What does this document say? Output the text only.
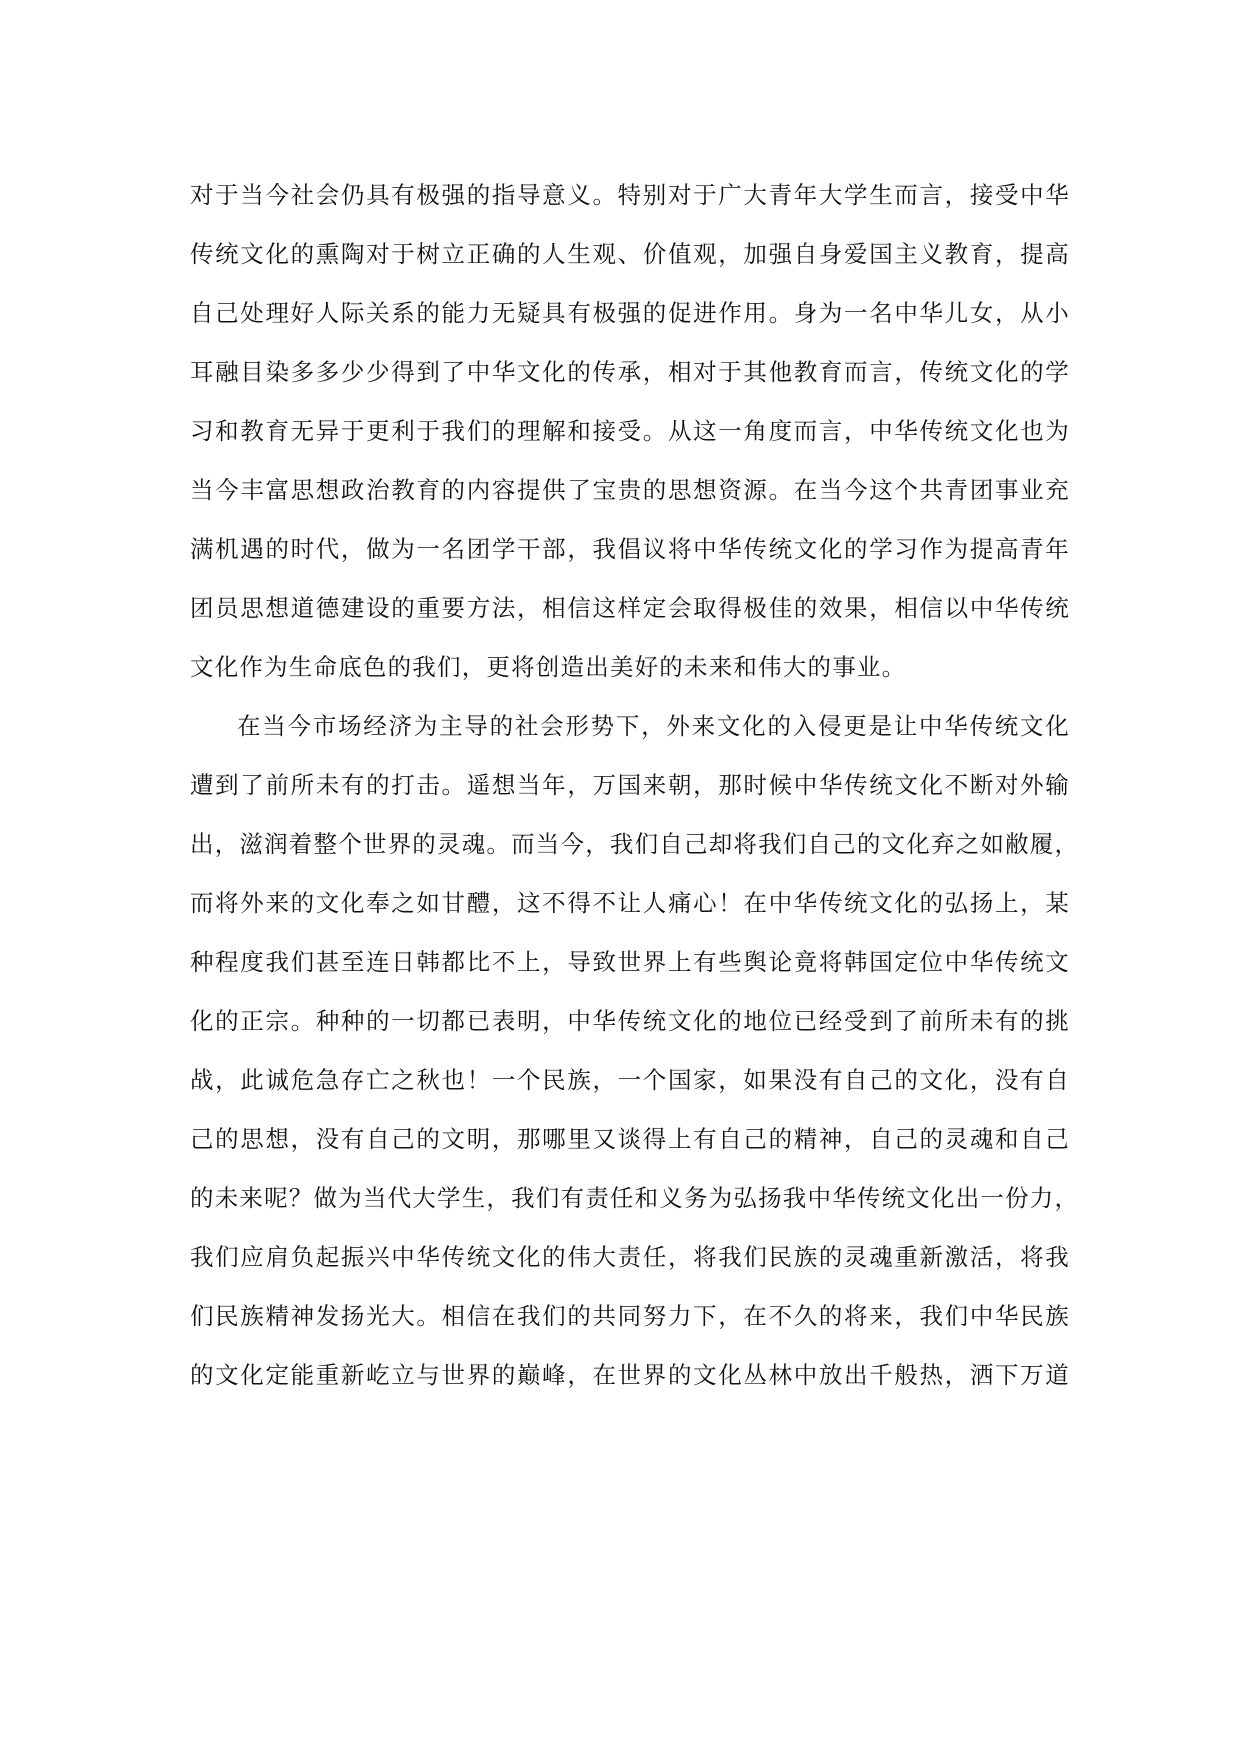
对于当今社会仍具有极强的指导意义。特别对于广大青年大学生而言，接受中华
传统文化的熏陶对于树立正确的人生观、价值观，加强自身爱国主义教育，提高
自己处理好人际关系的能力无疑具有极强的促进作用。身为一名中华儿女，从小
耳融目染多多少少得到了中华文化的传承，相对于其他教育而言，传统文化的学
习和教育无异于更利于我们的理解和接受。从这一角度而言，中华传统文化也为
当今丰富思想政治教育的内容提供了宝贵的思想资源。在当今这个共青团事业充
满机遇的时代，做为一名团学干部，我倡议将中华传统文化的学习作为提高青年
团员思想道德建设的重要方法，相信这样定会取得极佳的效果，相信以中华传统
文化作为生命底色的我们，更将创造出美好的未来和伟大的事业。
在当今市场经济为主导的社会形势下，外来文化的入侵更是让中华传统文化
遭到了前所未有的打击。遥想当年，万国来朝，那时候中华传统文化不断对外输
出，滋润着整个世界的灵魂。而当今，我们自己却将我们自己的文化弃之如敝履，
而将外来的文化奉之如甘醴，这不得不让人痛心！在中华传统文化的弘扬上，某
种程度我们甚至连日韩都比不上，导致世界上有些舆论竟将韩国定位中华传统文
化的正宗。种种的一切都已表明，中华传统文化的地位已经受到了前所未有的挑
战，此诚危急存亡之秋也！一个民族，一个国家，如果没有自己的文化，没有自
己的思想，没有自己的文明，那哪里又谈得上有自己的精神，自己的灵魂和自己
的未来呢？做为当代大学生，我们有责任和义务为弘扬我中华传统文化出一份力，
我们应肩负起振兴中华传统文化的伟大责任，将我们民族的灵魂重新激活，将我
们民族精神发扬光大。相信在我们的共同努力下，在不久的将来，我们中华民族
的文化定能重新屹立与世界的巅峰，在世界的文化丛林中放出千般热，洒下万道
